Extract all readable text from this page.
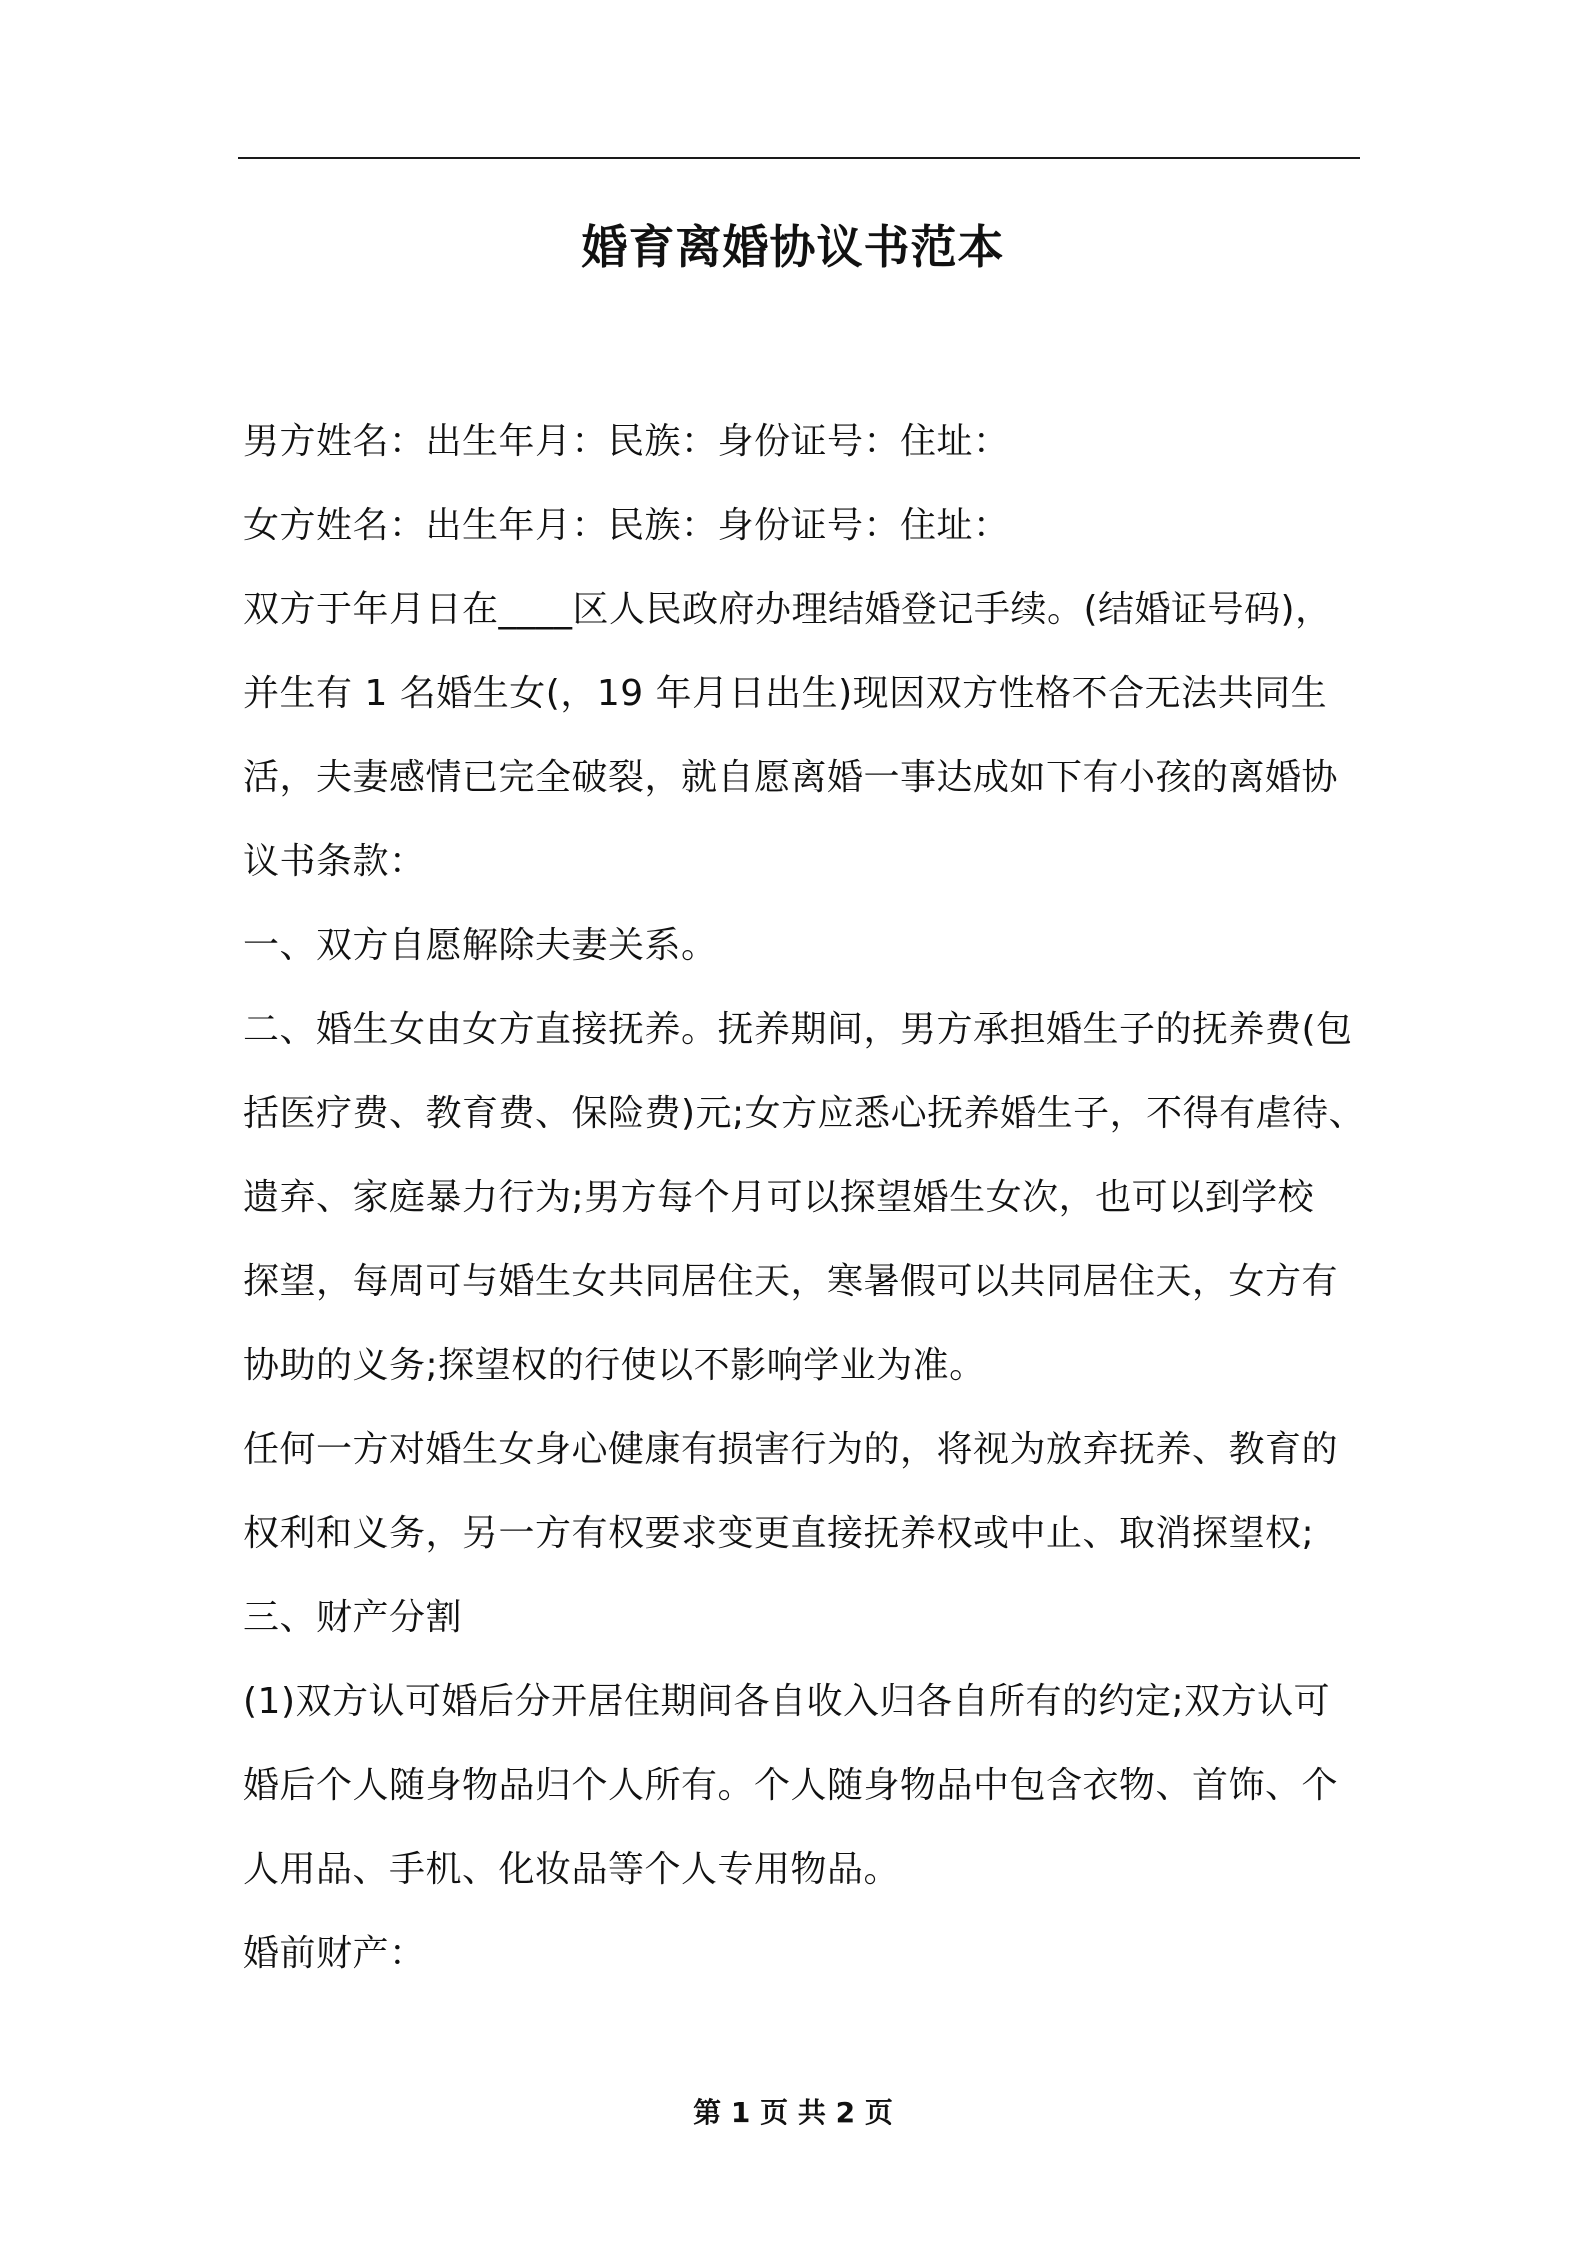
婚育离婚协议书范本
男方姓名：出生年月：民族：身份证号：住址：
女方姓名：出生年月：民族：身份证号：住址：
双方于年月日在____区人民政府办理结婚登记手续。(结婚证号码)，
并生有 1 名婚生女(，19 年月日出生)现因双方性格不合无法共同生
活，夫妻感情已完全破裂，就自愿离婚一事达成如下有小孩的离婚协
议书条款：
一、双方自愿解除夫妻关系。
二、婚生女由女方直接抚养。抚养期间，男方承担婚生子的抚养费(包
括医疗费、教育费、保险费)元;女方应悉心抚养婚生子，不得有虐待、
遗弃、家庭暴力行为;男方每个月可以探望婚生女次，也可以到学校
探望，每周可与婚生女共同居住天，寒暑假可以共同居住天，女方有
协助的义务;探望权的行使以不影响学业为准。
任何一方对婚生女身心健康有损害行为的，将视为放弃抚养、教育的
权利和义务，另一方有权要求变更直接抚养权或中止、取消探望权;
三、财产分割
(1)双方认可婚后分开居住期间各自收入归各自所有的约定;双方认可
婚后个人随身物品归个人所有。个人随身物品中包含衣物、首饰、个
人用品、手机、化妆品等个人专用物品。
婚前财产：
第 1 页 共 2 页
